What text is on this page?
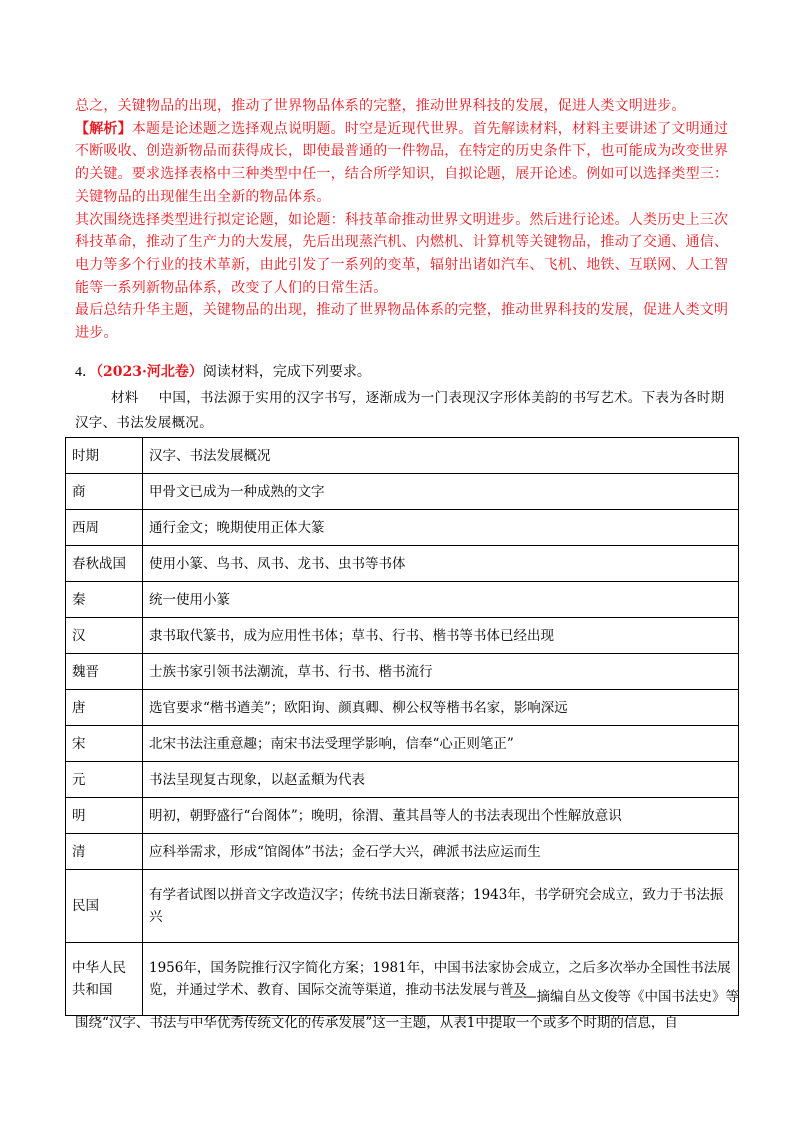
总之，关键物品的出现，推动了世界物品体系的完整，推动世界科技的发展，促进人类文明进步。

【解析】本题是论述题之选择观点说明题。时空是近现代世界。首先解读材料，材料主要讲述了文明通过不断吸收、创造新物品而获得成长，即使最普通的一件物品，在特定的历史条件下，也可能成为改变世界的关键。要求选择表格中三种类型中任一，结合所学知识，自拟论题，展开论述。例如可以选择类型三：关键物品的出现催生出全新的物品体系。

其次围绕选择类型进行拟定论题，如论题：科技革命推动世界文明进步。然后进行论述。人类历史上三次科技革命，推动了生产力的大发展，先后出现蒸汽机、内燃机、计算机等关键物品，推动了交通、通信、电力等多个行业的技术革新，由此引发了一系列的变革，辐射出诸如汽车、飞机、地铁、互联网、人工智能等一系列新物品体系，改变了人们的日常生活。

最后总结升华主题，关键物品的出现，推动了世界物品体系的完整，推动世界科技的发展，促进人类文明进步。

4．（2023·河北卷）阅读材料，完成下列要求。
材料 中国，书法源于实用的汉字书写，逐渐成为一门表现汉字形体美韵的书写艺术。下表为各时期汉字、书法发展概况。
时期	汉字、书法发展概况
商	甲骨文已成为一种成熟的文字
西周	通行金文；晚期使用正体大篆
春秋战国	使用小篆、鸟书、凤书、龙书、虫书等书体
秦	统一使用小篆
汉	隶书取代篆书，成为应用性书体；草书、行书、楷书等书体已经出现
魏晋	士族书家引领书法潮流，草书、行书、楷书流行
唐	选官要求“楷书遒美”；欧阳询、颜真卿、柳公权等楷书名家，影响深远
宋	北宋书法注重意趣；南宋书法受理学影响，信奉“心正则笔正”
元	书法呈现复古现象，以赵孟頫为代表
明	明初，朝野盛行“台阁体”；晚明，徐渭、董其昌等人的书法表现出个性解放意识
清	应科举需求，形成“馆阁体”书法；金石学大兴，碑派书法应运而生
民国	有学者试图以拼音文字改造汉字；传统书法日渐衰落；1943年，书学研究会成立，致力于书法振兴
中华人民共和国	1956年，国务院推行汉字简化方案；1981年，中国书法家协会成立，之后多次举办全国性书法展览，并通过学术、教育、国际交流等渠道，推动书法发展与普及
——摘编自丛文俊等《中国书法史》等
围绕“汉字、书法与中华优秀传统文化的传承发展”这一主题，从表1中提取一个或多个时期的信息，自
